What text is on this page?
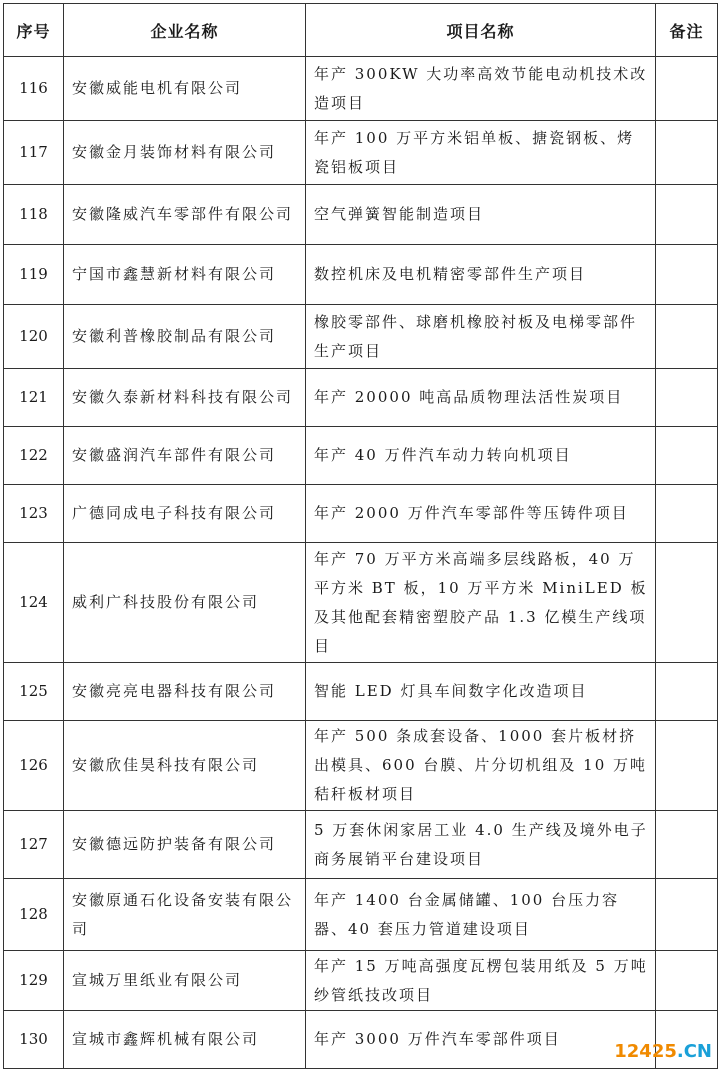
序号	企业名称	项目名称	备注
116	安徽威能电机有限公司	年产 300KW 大功率高效节能电动机技术改造项目	
117	安徽金月装饰材料有限公司	年产 100 万平方米铝单板、搪瓷钢板、烤瓷铝板项目	
118	安徽隆威汽车零部件有限公司	空气弹簧智能制造项目	
119	宁国市鑫慧新材料有限公司	数控机床及电机精密零部件生产项目	
120	安徽利普橡胶制品有限公司	橡胶零部件、球磨机橡胶衬板及电梯零部件生产项目	
121	安徽久泰新材料科技有限公司	年产 20000 吨高品质物理法活性炭项目	
122	安徽盛润汽车部件有限公司	年产 40 万件汽车动力转向机项目	
123	广德同成电子科技有限公司	年产 2000 万件汽车零部件等压铸件项目	
124	威利广科技股份有限公司	年产 70 万平方米高端多层线路板，40 万平方米 BT 板，10 万平方米 MiniLED 板及其他配套精密塑胶产品 1.3 亿模生产线项目	
125	安徽亮亮电器科技有限公司	智能 LED 灯具车间数字化改造项目	
126	安徽欣佳昊科技有限公司	年产 500 条成套设备、1000 套片板材挤出模具、600 台膜、片分切机组及 10 万吨秸秆板材项目	
127	安徽德远防护装备有限公司	5 万套休闲家居工业 4.0 生产线及境外电子商务展销平台建设项目	
128	安徽原通石化设备安装有限公司	年产 1400 台金属储罐、100 台压力容器、40 套压力管道建设项目	
129	宣城万里纸业有限公司	年产 15 万吨高强度瓦楞包装用纸及 5 万吨纱管纸技改项目	
130	宣城市鑫辉机械有限公司	年产 3000 万件汽车零部件项目	
12425.CN
